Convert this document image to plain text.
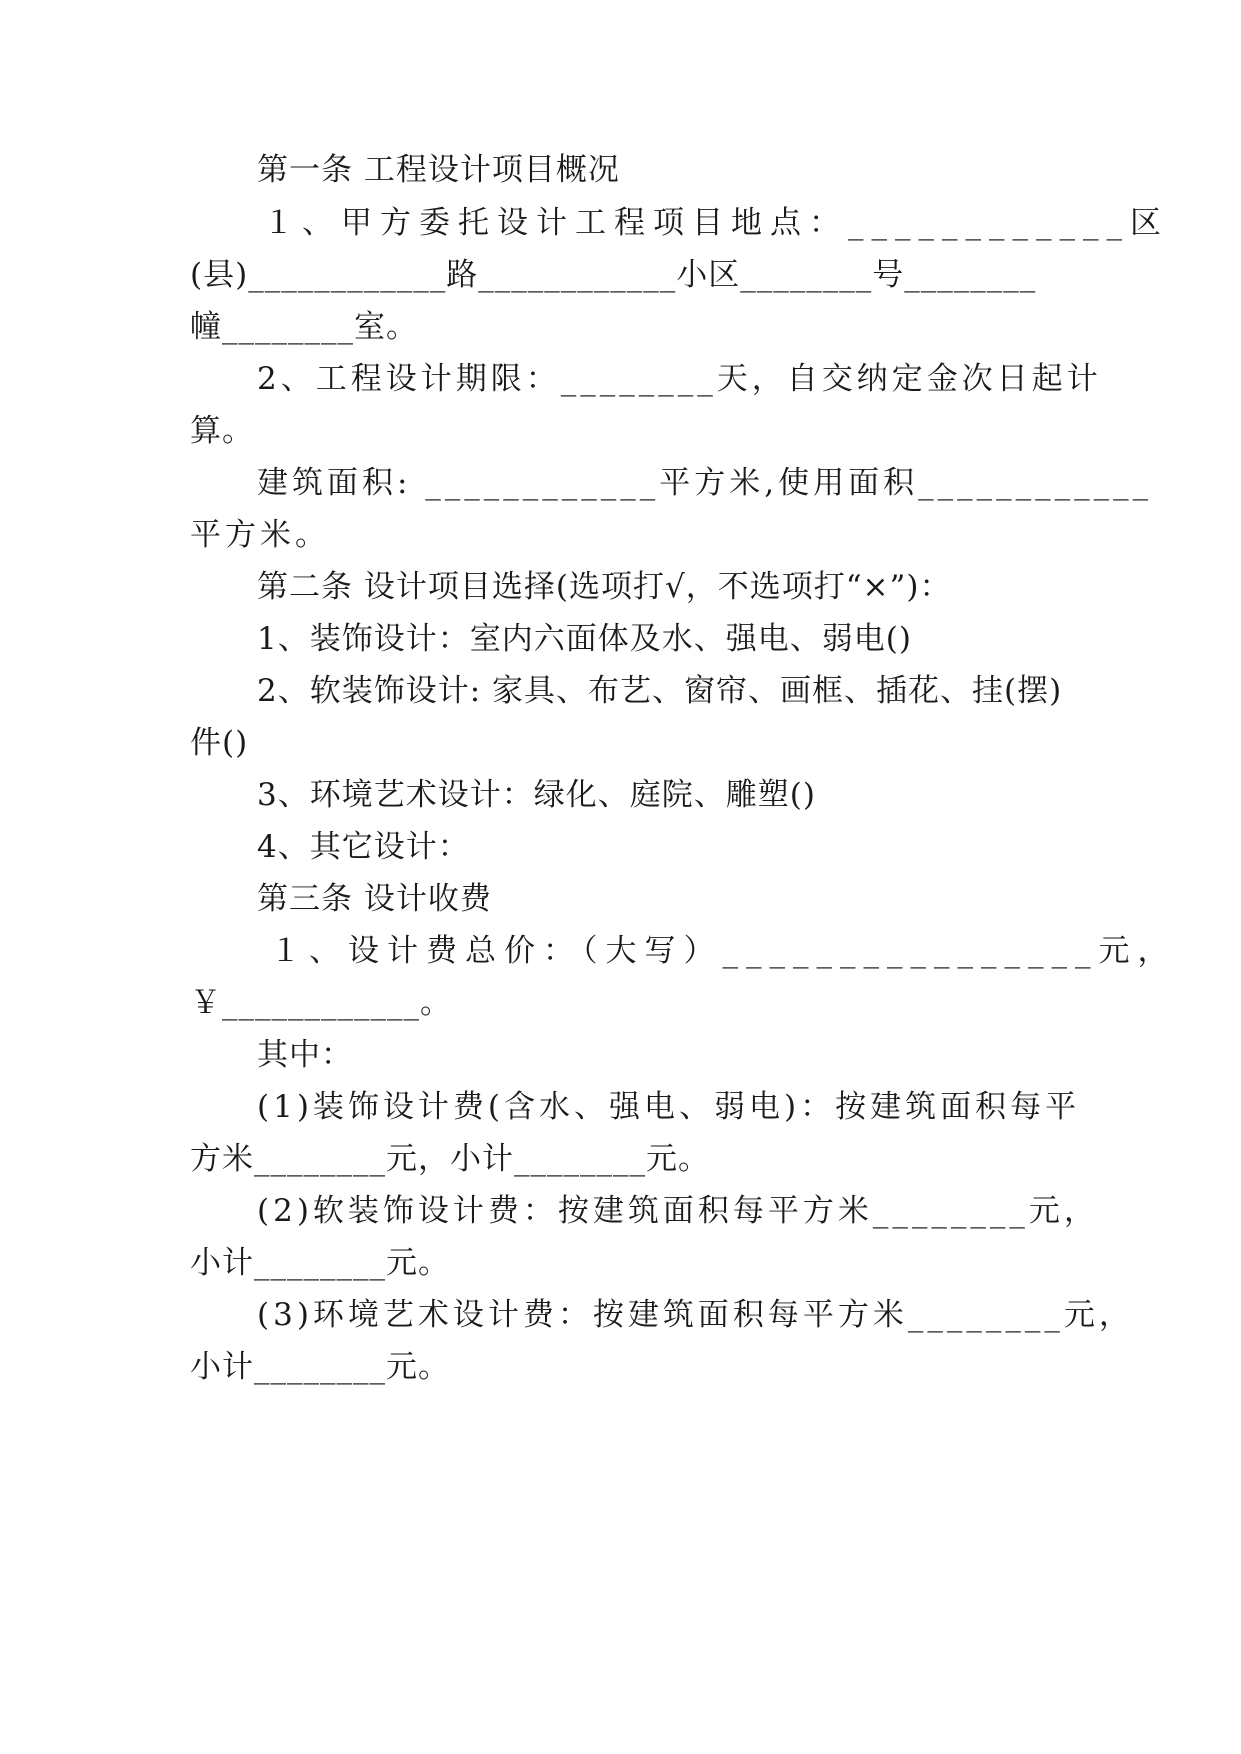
第一条 工程设计项目概况
１、甲方委托设计工程项目地点：____________区
(县)____________路____________小区________号________
幢________室。
2、工程设计期限：________天，自交纳定金次日起计
算。
建筑面积: ____________平方米,使用面积____________
平方米。
第二条 设计项目选择(选项打√，不选项打“×”)：
1、装饰设计：室内六面体及水、强电、弱电()
2、软装饰设计: 家具、布艺、窗帘、画框、插花、挂(摆)
件()
3、环境艺术设计：绿化、庭院、雕塑()
4、其它设计：
第三条 设计收费
１、设计费总价：（大写）________________元，
￥____________。
其中：
(1)装饰设计费(含水、强电、弱电)：按建筑面积每平
方米________元，小计________元。
(2)软装饰设计费：按建筑面积每平方米________元，
小计________元。
(3)环境艺术设计费：按建筑面积每平方米________元，
小计________元。
